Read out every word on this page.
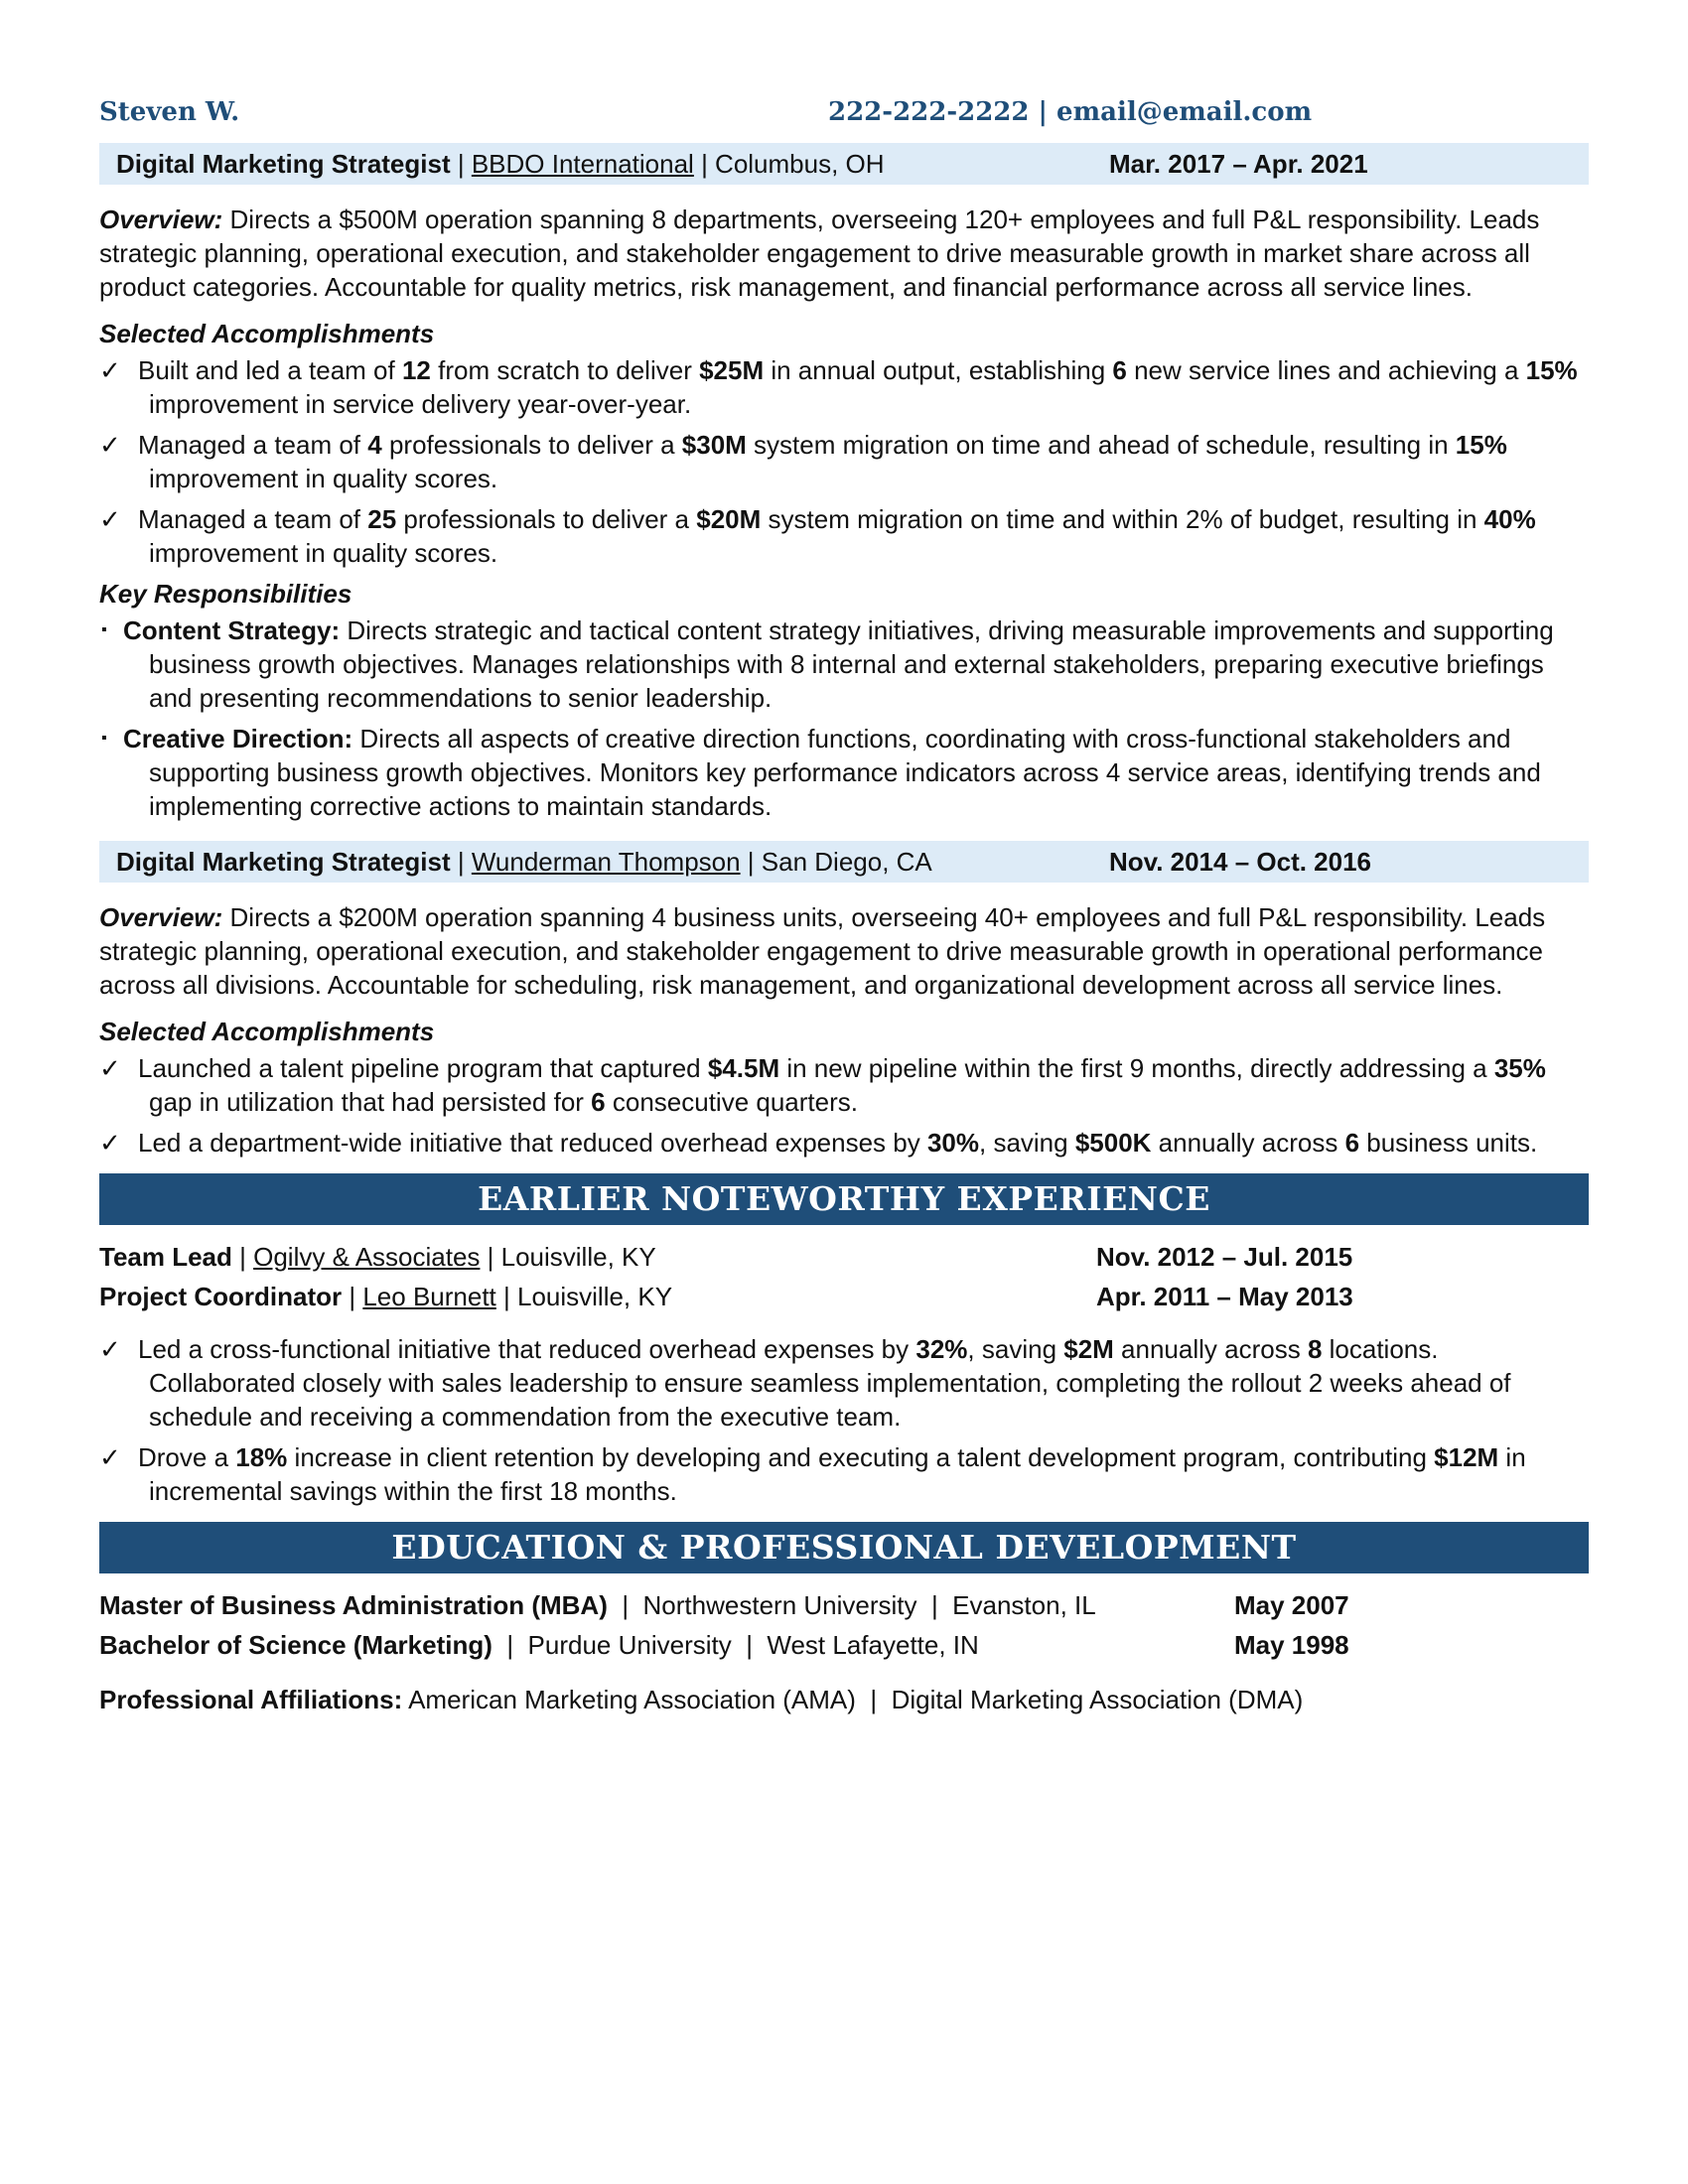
Steven W.	222-222-2222 | email@email.com
Digital Marketing Strategist | BBDO International | Columbus, OH	Mar. 2017 – Apr. 2021

Overview: Directs a $500M operation spanning 8 departments, overseeing 120+ employees and full P&L responsibility. Leads strategic planning, operational execution, and stakeholder engagement to drive measurable growth in market share across all product categories. Accountable for quality metrics, risk management, and financial performance across all service lines.

Selected Accomplishments
✓ Built and led a team of 12 from scratch to deliver $25M in annual output, establishing 6 new service lines and achieving a 15% improvement in service delivery year-over-year.
✓ Managed a team of 4 professionals to deliver a $30M system migration on time and ahead of schedule, resulting in 15% improvement in quality scores.
✓ Managed a team of 25 professionals to deliver a $20M system migration on time and within 2% of budget, resulting in 40% improvement in quality scores.
Key Responsibilities
▪ Content Strategy: Directs strategic and tactical content strategy initiatives, driving measurable improvements and supporting business growth objectives. Manages relationships with 8 internal and external stakeholders, preparing executive briefings and presenting recommendations to senior leadership.
▪ Creative Direction: Directs all aspects of creative direction functions, coordinating with cross-functional stakeholders and supporting business growth objectives. Monitors key performance indicators across 4 service areas, identifying trends and implementing corrective actions to maintain standards.
Digital Marketing Strategist | Wunderman Thompson | San Diego, CA	Nov. 2014 – Oct. 2016

Overview: Directs a $200M operation spanning 4 business units, overseeing 40+ employees and full P&L responsibility. Leads strategic planning, operational execution, and stakeholder engagement to drive measurable growth in operational performance across all divisions. Accountable for scheduling, risk management, and organizational development across all service lines.

Selected Accomplishments
✓ Launched a talent pipeline program that captured $4.5M in new pipeline within the first 9 months, directly addressing a 35% gap in utilization that had persisted for 6 consecutive quarters.
✓ Led a department-wide initiative that reduced overhead expenses by 30%, saving $500K annually across 6 business units.
EARLIER NOTEWORTHY EXPERIENCE
Team Lead | Ogilvy & Associates | Louisville, KY	Nov. 2012 – Jul. 2015
Project Coordinator | Leo Burnett | Louisville, KY	Apr. 2011 – May 2013
✓ Led a cross-functional initiative that reduced overhead expenses by 32%, saving $2M annually across 8 locations. Collaborated closely with sales leadership to ensure seamless implementation, completing the rollout 2 weeks ahead of schedule and receiving a commendation from the executive team.
✓ Drove a 18% increase in client retention by developing and executing a talent development program, contributing $12M in incremental savings within the first 18 months.
EDUCATION & PROFESSIONAL DEVELOPMENT
Master of Business Administration (MBA)  |  Northwestern University  |  Evanston, IL	May 2007
Bachelor of Science (Marketing)  |  Purdue University  |  West Lafayette, IN	May 1998
Professional Affiliations: American Marketing Association (AMA)  |  Digital Marketing Association (DMA)
